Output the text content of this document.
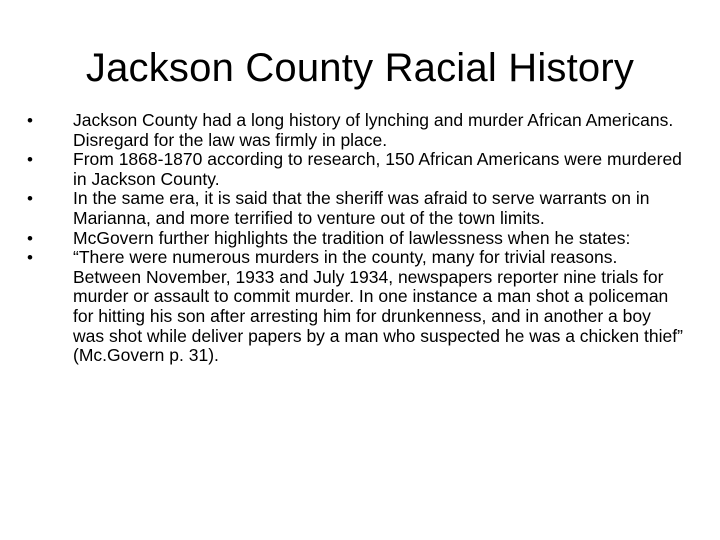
Jackson County Racial History
•	Jackson County had a long history of lynching and murder African Americans. Disregard for the law was firmly in place.
•	From 1868-1870 according to research, 150 African Americans were murdered in Jackson County.
•	In the same era, it is said that the sheriff was afraid to serve warrants on in Marianna, and more terrified to venture out of the town limits.
•	McGovern further highlights the tradition of lawlessness when he states:
•	“There were numerous murders in the county, many for trivial reasons. Between November, 1933 and July 1934, newspapers reporter nine trials for murder or assault to commit murder. In one instance a man shot a policeman for hitting his son after arresting him for drunkenness, and in another a boy was shot while deliver papers by a man who suspected he was a chicken thief” (Mc.Govern p. 31).
